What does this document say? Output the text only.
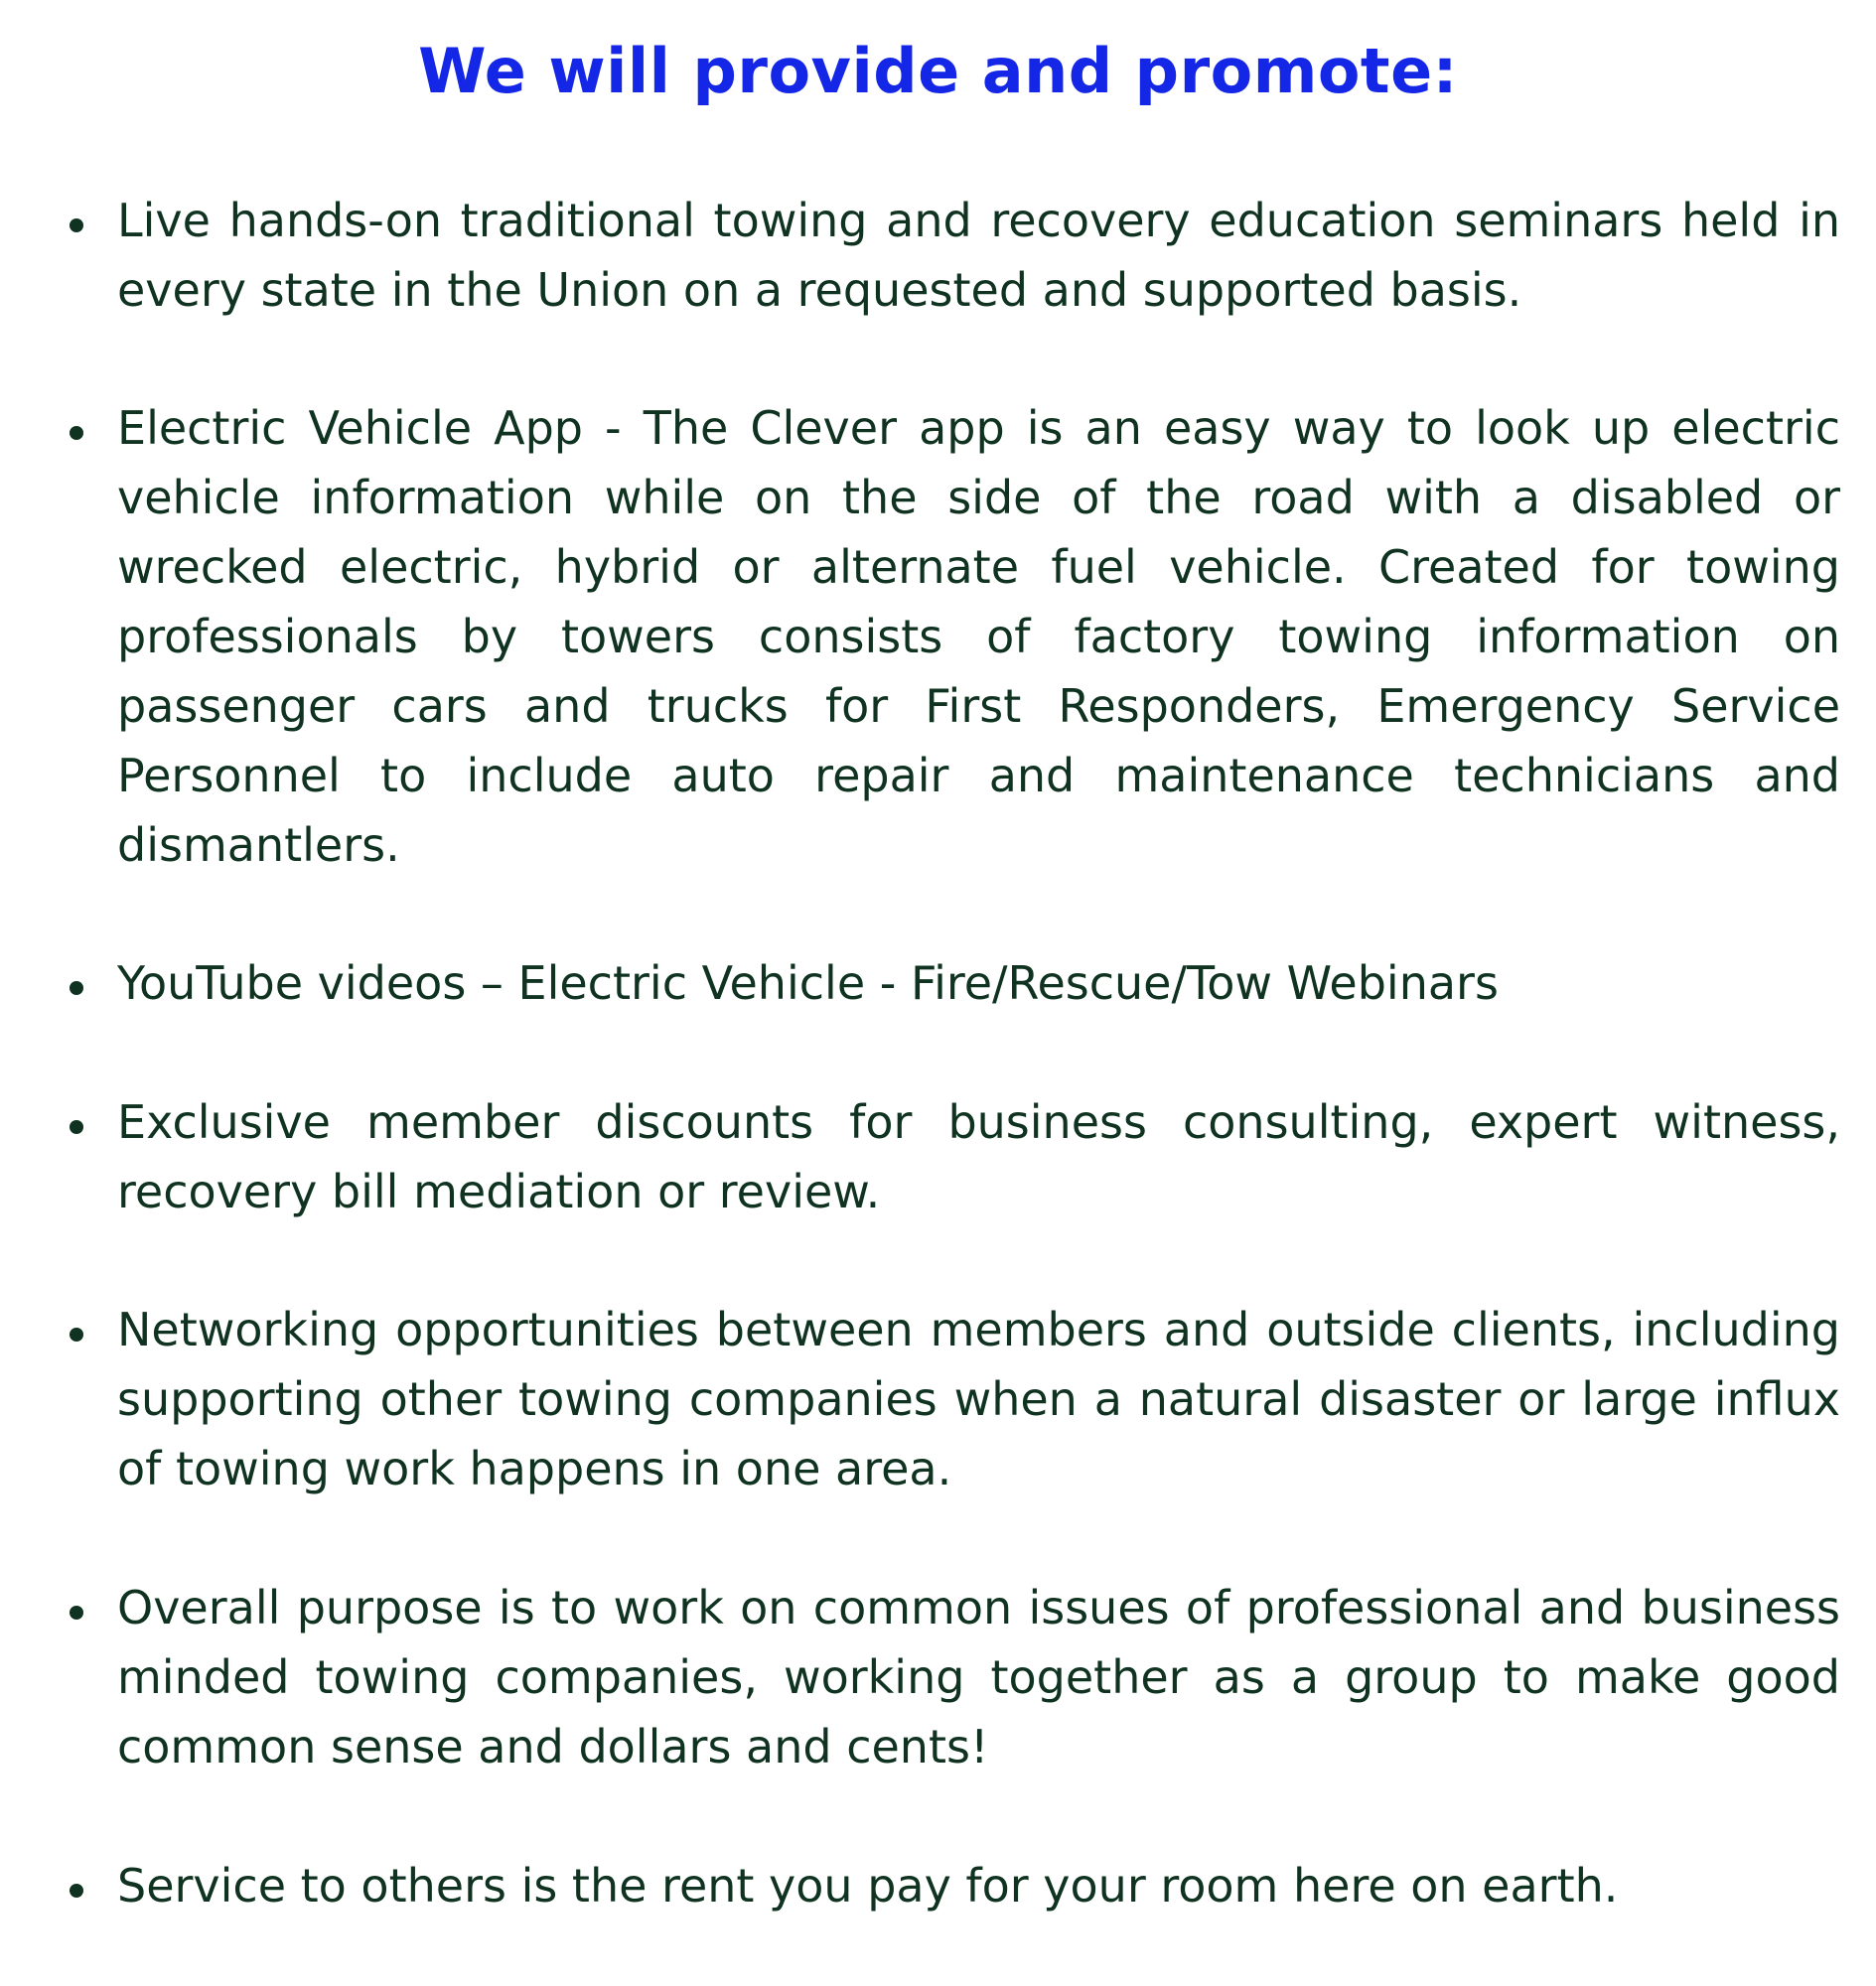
We will provide and promote:

Live hands-on traditional towing and recovery education seminars held in every state in the Union on a requested and supported basis.

Electric Vehicle App - The Clever app is an easy way to look up electric vehicle information while on the side of the road with a disabled or wrecked electric, hybrid or alternate fuel vehicle. Created for towing professionals by towers consists of factory towing information on passenger cars and trucks for First Responders, Emergency Service Personnel to include auto repair and maintenance technicians and dismantlers.

YouTube videos – Electric Vehicle - Fire/Rescue/Tow Webinars

Exclusive member discounts for business consulting, expert witness, recovery bill mediation or review.

Networking opportunities between members and outside clients, including supporting other towing companies when a natural disaster or large influx of towing work happens in one area.

Overall purpose is to work on common issues of professional and business minded towing companies, working together as a group to make good common sense and dollars and cents!

Service to others is the rent you pay for your room here on earth.
